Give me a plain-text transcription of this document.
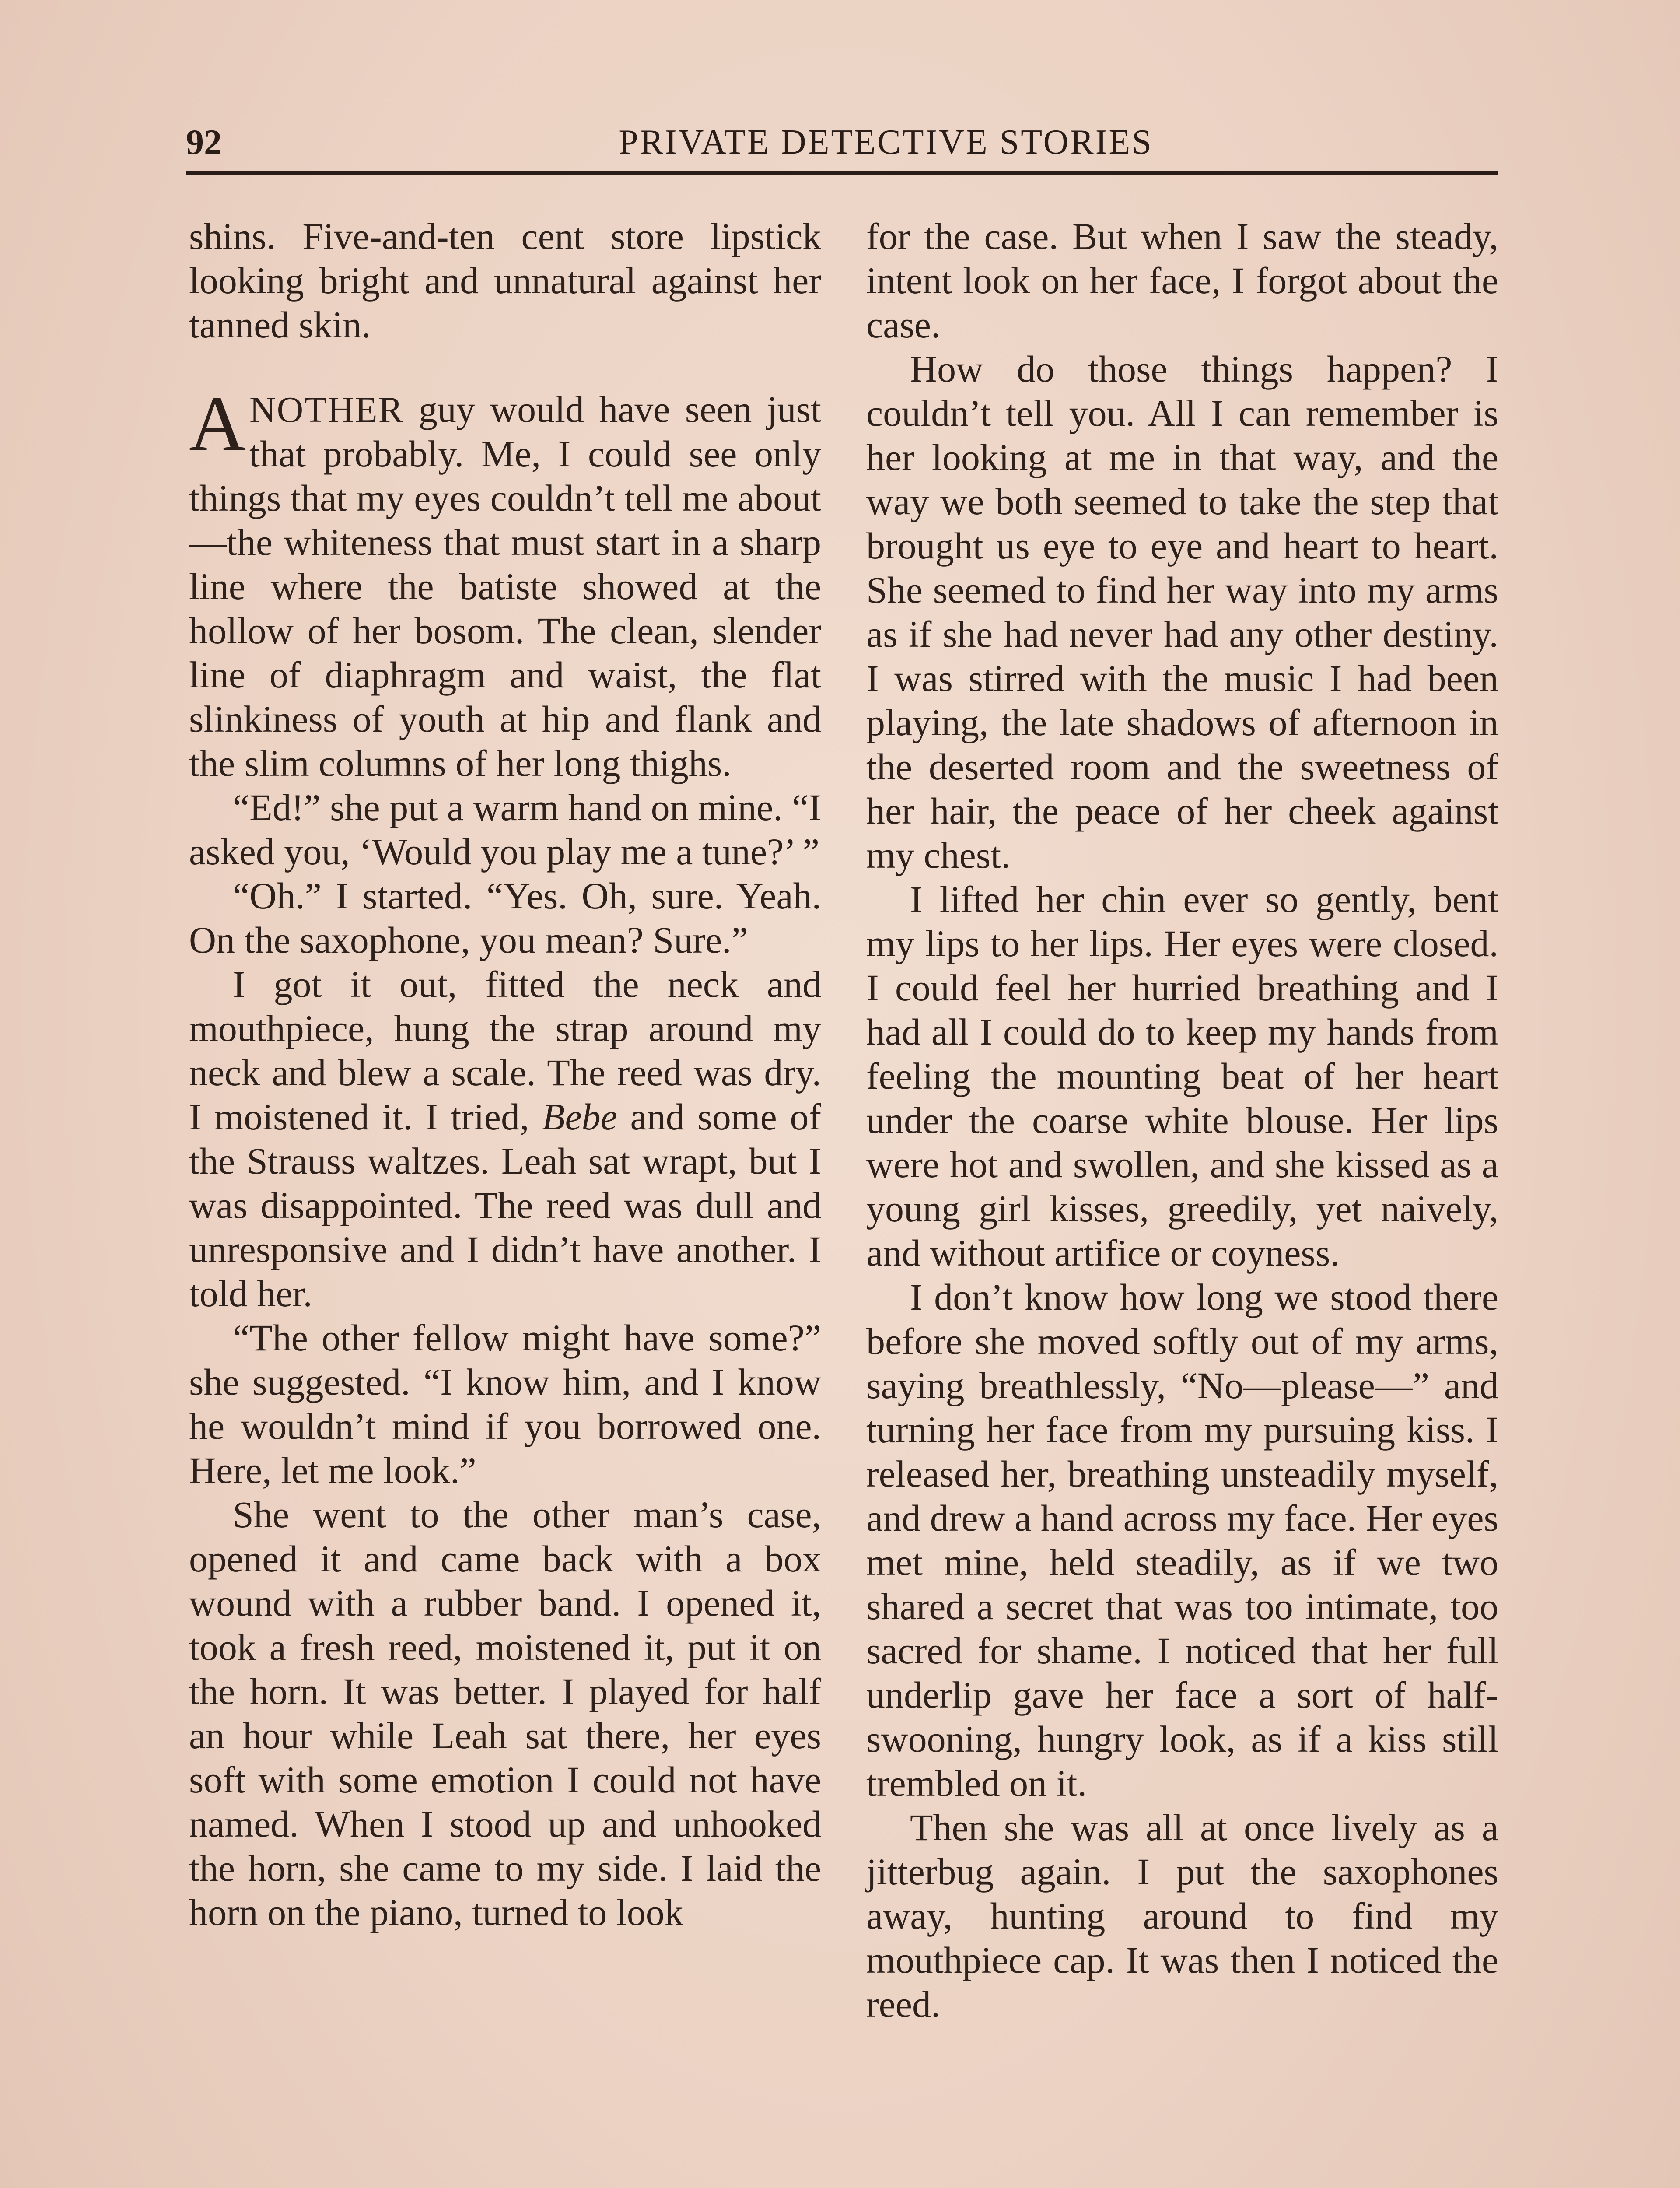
92	PRIVATE DETECTIVE STORIES

shins. Five-and-ten cent store lipstick looking bright and unnatural against her tanned skin.

ANOTHER guy would have seen just that probably. Me, I could see only things that my eyes couldn’t tell me about—the whiteness that must start in a sharp line where the batiste showed at the hollow of her bosom. The clean, slender line of diaphragm and waist, the flat slinkiness of youth at hip and flank and the slim columns of her long thighs.

“Ed!” she put a warm hand on mine. “I asked you, ‘Would you play me a tune?’ ”

“Oh.” I started. “Yes. Oh, sure. Yeah. On the saxophone, you mean? Sure.”

I got it out, fitted the neck and mouthpiece, hung the strap around my neck and blew a scale. The reed was dry. I moistened it. I tried, Bebe and some of the Strauss waltzes. Leah sat wrapt, but I was disappointed. The reed was dull and unresponsive and I didn’t have another. I told her.

“The other fellow might have some?” she suggested. “I know him, and I know he wouldn’t mind if you borrowed one. Here, let me look.”

She went to the other man’s case, opened it and came back with a box wound with a rubber band. I opened it, took a fresh reed, moistened it, put it on the horn. It was better. I played for half an hour while Leah sat there, her eyes soft with some emotion I could not have named. When I stood up and unhooked the horn, she came to my side. I laid the horn on the piano, turned to look

for the case. But when I saw the steady, intent look on her face, I forgot about the case.

How do those things happen? I couldn’t tell you. All I can remember is her looking at me in that way, and the way we both seemed to take the step that brought us eye to eye and heart to heart. She seemed to find her way into my arms as if she had never had any other destiny. I was stirred with the music I had been playing, the late shadows of afternoon in the deserted room and the sweetness of her hair, the peace of her cheek against my chest.

I lifted her chin ever so gently, bent my lips to her lips. Her eyes were closed. I could feel her hurried breathing and I had all I could do to keep my hands from feeling the mounting beat of her heart under the coarse white blouse. Her lips were hot and swollen, and she kissed as a young girl kisses, greedily, yet naively, and without artifice or coyness.

I don’t know how long we stood there before she moved softly out of my arms, saying breathlessly, “No—please—” and turning her face from my pursuing kiss. I released her, breathing unsteadily myself, and drew a hand across my face. Her eyes met mine, held steadily, as if we two shared a secret that was too intimate, too sacred for shame. I noticed that her full underlip gave her face a sort of half-swooning, hungry look, as if a kiss still trembled on it.

Then she was all at once lively as a jitterbug again. I put the saxophones away, hunting around to find my mouthpiece cap. It was then I noticed the reed.
